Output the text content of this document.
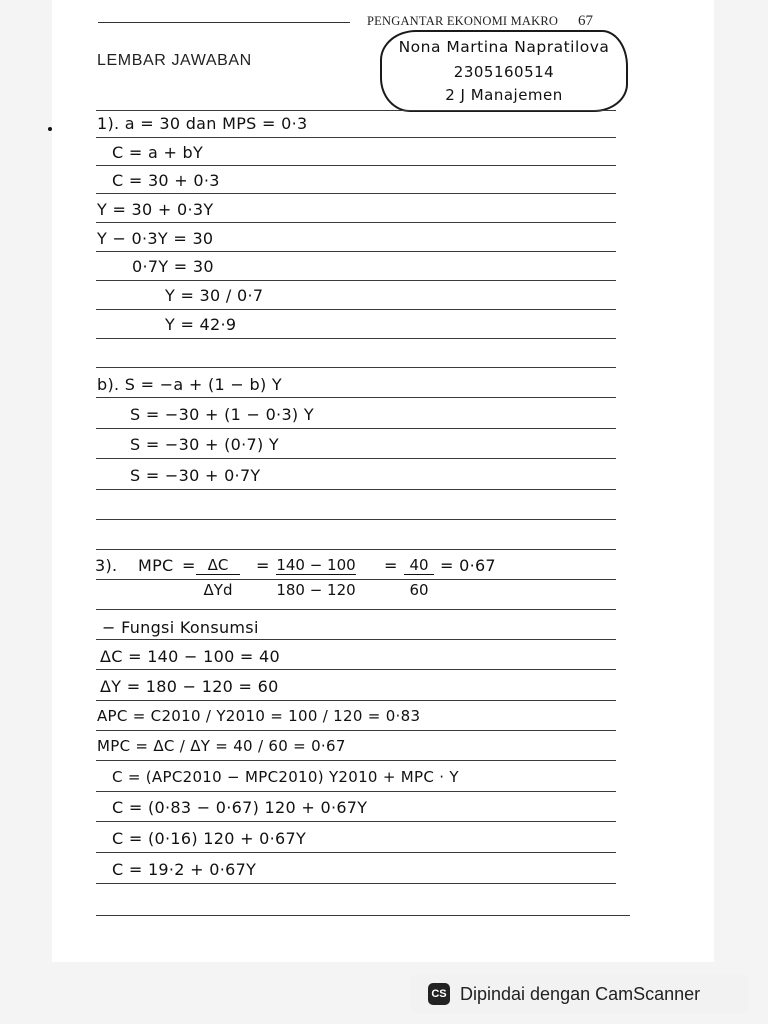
PENGANTAR EKONOMI MAKRO 67
LEMBAR JAWABAN
Nona Martina Napratilova
2305160514
2 J Manajemen
1). a = 30 dan MPS = 0·3
C = a + bY
C = 30 + 0·3
Y = 30 + 0·3Y
Y − 0·3Y = 30
0·7Y = 30
Y = 30 / 0·7
Y = 42·9
b). S = −a + (1 − b) Y
S = −30 + (1 − 0·3) Y
S = −30 + (0·7) Y
S = −30 + 0·7Y
3). MPC = ΔC
ΔYd
= $\frac{140 - 100}{180 - 120} = \frac{40}{60} = 0\cdot 67$
− Fungsi Konsumsi
ΔC = 140 − 100 = 40
ΔY = 180 − 120 = 60
APC = C2010 / Y2010 = 100 / 120 = 0·83
MPC = ΔC / ΔY = 40 / 60 = 0·67
C = (APC2010 − MPC2010) Y2010 + MPC · Y
C = (0·83 − 0·67) 120 + 0·67Y
C = (0·16) 120 + 0·67Y
C = 19·2 + 0·67Y
CS Dipindai dengan CamScanner
